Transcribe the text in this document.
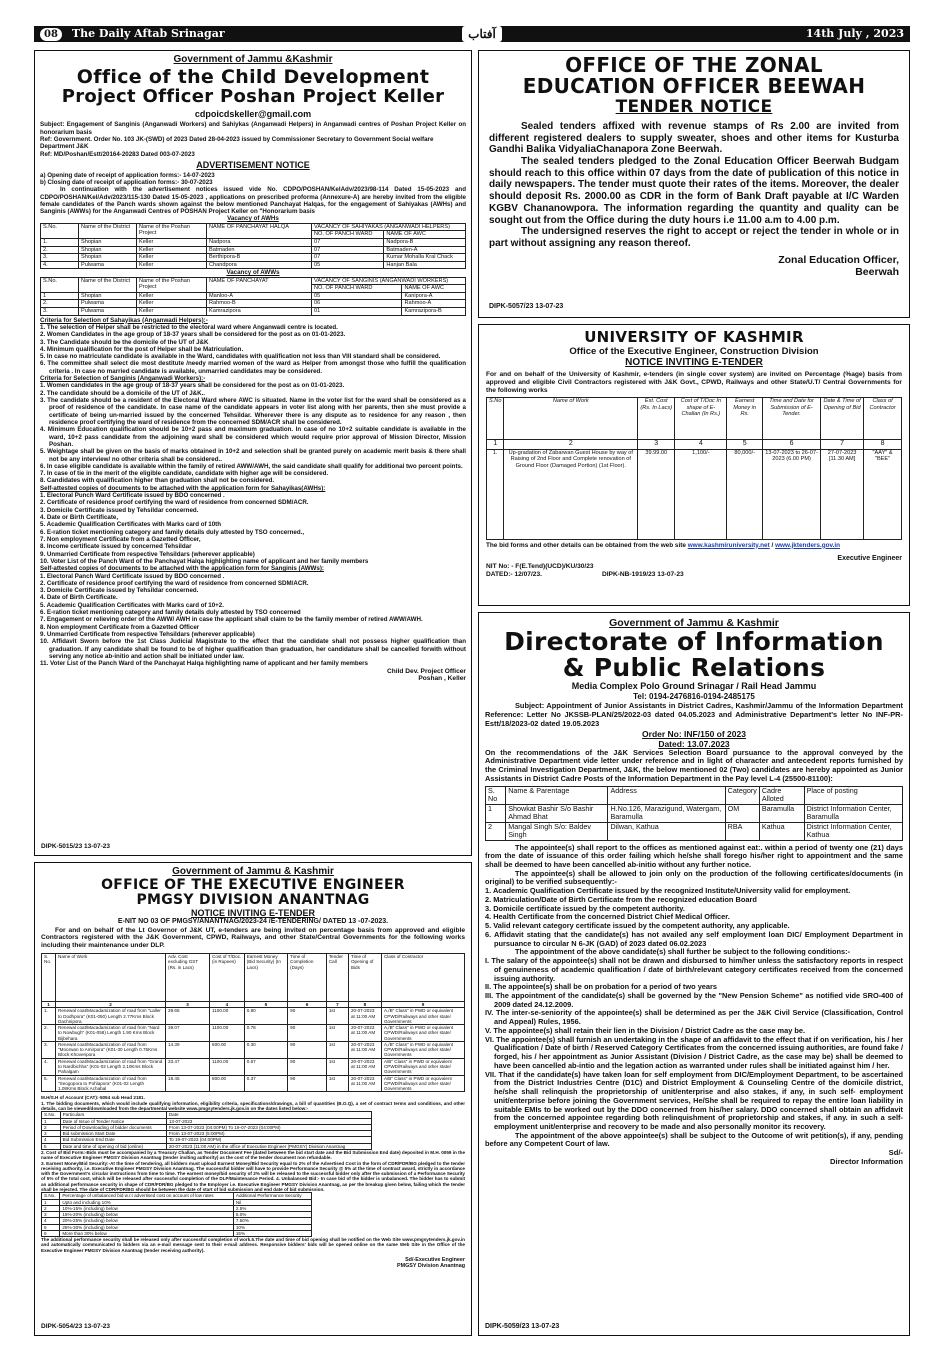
08	The Daily Aftab Srinagar	آفتاب	14th July , 2023
Government of Jammu &Kashmir
Office of the Child Development
Project Officer Poshan Project Keller
cdpoicdskeller@gmail.com

Subject: Engagement of Sanginis (Anganwadi Workers) and Sahiykas (Anganwadi Helpers) in Anganwadi centres of Poshan Project Keller on honorarium basis

Ref: Government. Order No. 103 JK-(SWD) of 2023 Dated 28-04-2023 issued by Commissioner Secretary to Government Social welfare Department J&K

Ref: MD/Poshan/Estt/20164-20283 Dated 003-07-2023

ADVERTISEMENT NOTICE

a) Opening date of receipt of application forms:- 14-07-2023

b) Closing date of receipt of application forms:- 30-07-2023

In continuation with the advertisement notices issued vide No. CDPO/POSHAN/KelAdv/2023/98-114 Dated 15-05-2023 and CDPO/POSHAN/Kel/Adv/2023/115-130 Dated 15-05-2023 , applications on prescribed proforma (Annexure-A) are hereby invited from the eligible female candidates of the Panch wards shown against the below mentioned Panchayat Halqas, for the engagement of Sahiyakas (AWHs) and Sanginis (AWWs) for the Anganwadi Centres of POSHAN Project Keller on "Honorarium basis

Vacancy of AWHs
S.No.	Name of the District	Name of the Poshan Project	NAME OF PANCHAYAT HALQA	VACANCY OF SAHIYAKAS (ANGANWADI HELPERS)	
				NO. OF PANCH WARD	NAME OF AWC
1.	Shopian	Keller	Nadpora	07	Nadpora-B
2.	Shopian	Keller	Batmaden	07	Batmaden-A
3.	Shopian	Keller	Berthipora-B	07	Kumar Mohalla Kral Chack
4.	Pulwama	Keller	Chandpora	05	Hanjan Bala
Vacancy of AWWs
S.No.	Name of the District	Name of the Poshan Project	NAME OF PANCHAYAT	VACANCY OF SANGINIS (ANGANWADI WORKERS)	
				NO. OF PANCH WARD	NAME OF AWC
1	Shopian	Keller	Manloo-A	05	Kanipora-A
2.	Pulwama	Keller	Rahmoo-B	06	Rahmoo-A
3.	Pulwama	Keller	Kamrazipora	01	Kamrazipora-B
Criteria for Selection of Sahayikas (Anganwadi Helpers):-
1. The selection of Helper shall be restricted to the electoral ward where Anganwadi centre is located.
2. Women Candidates in the age group of 18-37 years shall be considered for the post as on 01-01-2023.
3. The Candidate should be the domicile of the UT of J&K
4. Minimum qualification for the post of Helper shall be Matriculation.
5. In case no matriculate candidate is available in the Ward, candidates with qualification not less than VIII standard shall be considered.
6. The committee shall select die most destitute /needy married women of the ward as Helper from amongst those who fulfill the qualification criteria . In case no married candidate is available, unmarried candidates may be considered.
Criteria for Selection of Sanginis (Anganwadi Workers):-
1. Women candidates in the age group of 18-37 years shall be considered for the post as on 01-01-2023.
2. The candidate should be a domicile of the UT of J&K..
3. The candidate should be a resident of the Electoral Ward where AWC is situated. Name in the voter list for the ward shall be considered as a proof of residence of the candidate. In case name of the candidate appears in voter list along with her parents, then she must provide a certificate of being un-married issued by the concerned Tehsildar. Wherever there is any dispute as to residence for any reason , then residence proof certifying the ward of residence from the concerned SDM/ACR shall be considered.
4. Minimum Education qualification should be 10+2 pass and maximum graduation. In case of no 10+2 suitable candidate is available in the ward, 10+2 pass candidate from the adjoining ward shall be considered which would require prior approval of Mission Director, Mission Poshan.
5. Weightage shall be given on the basis of marks obtained in 10+2 and selection shall be granted purely on academic merit basis & there shall not be any interview/ no other criteria shall be considered..
6. In case eligible candidate is available within the family of retired AWW/AWH, the said candidate shall qualify for additional two percent points.
7. In case of tie in the merit of the eligible candidate, candidate with higher age will be considered.
8. Candidates with qualification higher than graduation shall not be considered.
Self-attested copies of documents to be attached with the application form for Sahayikas(AWHs):
1. Electoral Punch Ward Certificate issued by BDO concerned .
2. Certificate of residence proof certifying the ward of residence from concerned SDM/ACR.
3. Domicile Certificate issued by Tehsildar concerned.
4. Date or Birth Certificate,
5. Academic Qualification Certificates with Marks card of 10th
6. E-ration ticket mentioning category and family details duly attested by TSO concerned.,
7. Non employment Certificate from a Gazetted Officer,
8. Income certificate issued by concerned Tehsildar
9. Unmarried Certificate from respective Tehsildars (wherever applicable)
10. Voter List of the Panch Ward of the Panchayat Halqa highlighting name of applicant and her family members
Self-attested copies of documents to be attached with the application form for Sanginis (AWWs):
1. Electoral Panch Ward Certificate issued by BDO concerned .
2. Certificate of residence proof certifying the ward of residence from concerned SDM/ACR.
3. Domicile Certificate issued by Tehsildar concerned.
4. Date of Birth Certificate.
5. Academic Qualification Certificates with Marks card of 10+2.
6. E-ration ticket mentioning category and family details duly attested by TSO concerned
7. Engagement or relieving order of the AWW/ AWH in case the applicant shall claim to be the family member of retired AWW/AWH.
8. Non employment Certificate from a Gazetted Officer
9. Unmarried Certificate from respective Tehsildars (wherever applicable)
10. Affidavit Sworn before the 1st Class Judicial Magistrate to the effect that the candidate shall not possess higher qualification than graduation. If any candidate shall be found to be of higher qualification than graduation, her candidature shall be cancelled forwith without serving any notice ab-initio and action shall be initiated under law.
11. Voter List of the Panch Ward of the Panchayat Halqa highlighting name of applicant and her family members
Child Dev. Project Officer
Poshan , Keller
DIPK-5015/23 13-07-23
Government of Jammu & Kashmir
OFFICE OF THE EXECUTIVE ENGINEER
PMGSY DIVISION ANANTNAG
NOTICE INVITING E-TENDER
E-NIT NO 03 OF PMGSY/ANANTNAG/2023-24 /E-TENDERING/ DATED 13 -07-2023.

For and on behalf of the Lt Governor of J&K UT, e-tenders are being invited on percentage basis from approved and eligible Contractors registered with the J&K Government, CPWD, Railways, and other State/Central Governments for the following works including their maintenance under DLP.

S. No.	Name of Work	Adv. Cost excluding GST (Rs. in Lacs)	Cost of T/Doc. (in Rupees)	Earnest Money (Bid Security) (In Lacs)	Time of Completion (Days)	Tender Call	Time of Opening of Bids	Class of Contractor
1	2	3	4	5	6	7	8	9
1.	Renewal coat/Macadamization of road from "Laller to Dodhpora" (K01-050) Length 2.77Kms Block Dachnipora	39.65	1100.00	0.80	90	1st	20-07-2023 at 11:00 AM	A,/B" Class" in PWD or equivalent CPWD/Railways and other state/ Governments
2.	Renewal coat/Macadamization of road from "Nard to Nowbugh" (K01-058) Length 1.90 Kms Block Bijbehara	39.07	1100.00	0.78	90	1st	20-07-2023 at 11:00 AM	A,/B" Class" in PWD or equivalent CPWD/Railways and other state/ Governments
3.	Renewal coat/Macadamization of road from "Moorwan to Amirpora" (K01-30 Length 0.75Kms Block Khoveripora	14.39	600.00	0.30	90	1st	20-07-2023 at 11:00 AM	A,/B" Class" in PWD or equivalent CPWD/Railways and other state/ Governments
4.	Renewal coat/Macadamization of road from "Grand to Nardbichha" (K01-02 Length 2.10Kms Block Pahalgam	33.47	1100.00	0.67	90	1st	20-07-2023 at 11:00 AM	A/B" Class" in PWD or equivalent CPWD/Railways and other state/ Governments
5.	Renewal coat/Macadamization of road from "Seogopora to Pohlapora" (K01-02 Length 1.08Kms Block Achabal	18.45	800.00	0.37	90	1st	20-07-2023 at 11:00 AM	A/B" Class" in PWD or equivalent CPWD/Railways and other state/ Governments

M.H/S.H of Account (CAT):-5054 sub Head 2181.

1. The bidding documents, which would include qualifying information, eligibility criteria, specifications/drawings, a bill of quantities (B.O.Q), a set of contract terms and conditions, and other details, can be viewed/downloaded from the departmental website www.pmgsytenders.jk.gov.in on the dates listed below:-

S.No.	Particulars	Date
1	Date of Issue of Tender Notice	13-07-2023
2	Period of Downloading of bidder documents	From 13-07-2023 (04:00PM) To 19-07-2023 (04:00PM)
3	Bid submission Start Date	From 13-07-2023 (5:00PM)
4	Bid Submission End Date	To 19-07-2023 (04:00PM)
5	Date and time of opening of bid (online)	20-07-2023 (11:00 AM) in the office of Executive Engineer (PMGSY) Division Anantnag

2. Cost of Bid Form:-Bids must be accompanied by a Treasury Challan, as Tender Document Fee (dated between the bid start date and the Bid Submission End date) deposited in M.H. 0059 in the name of Executive Engineer PMGSY Division Anantnag (tender inviting authority) as the cost of the tender document non refundable.

3. Earnest Money/Bid Security:-At the time of tendering, all bidders must upload Earnest Money/Bid Security equal to 2% of the Advertised Cost in the form of CDR/FDR/BG pledged to the tender receiving authority, i.e. Executive Engineer PMGSY Division Anantnag. The successful bidder will have to provide Performance Security @ 5% at the time of contract award, strictly in accordance with the Government's circular instructions from time to time. The earnest money/bid security of 2% will be released to the successful bidder only after the submission of a Performance Security of 5% of the total cost, which will be released after successful completion of the DLP/Maintenance Period. 4. Unbalanced Bid:- In case bid of the bidder is unbalanced. The bidder has to submit an additional performance security in shape of CDR/FDR/BG pledged to the Employer i.e. Executive Engineer PMGSY Division Anantnag, as per the breakup given below, failing which the tender shall be rejected. The date of CDR/FDR/BG should be between the date of start of bid submission and end date of bid submission.

S.No.	Percentage of unbalanced bid w.r.t advertised cost on account of low rates	Additional Performance Security
1	Upto and including 10%	Nil
2	10%-15% (including) below	2.5%
3	15%-20% (including) below	5.0%
4	20%-25% (including) below	7.50%
5	25%-30% (including) below	10%
6	More than 30% below	15%

The additional performance security shall be released only after successful completion of work.5.The date and time of bid opening shall be notified on the Web Site www.pmgsytenders.jk.gov.in and automatically communicated to bidders via an e-mail message sent to their e-mail address. Responsive bidders' bids will be opened online on the same Web Site in the Office of the Executive Engineer PMGSY Division Anantnag (tender receiving authority).

Sd/-Executive Engineer
PMGSY Division Anantnag
DIPK-5054/23 13-07-23
OFFICE OF THE ZONAL
EDUCATION OFFICER BEEWAH
TENDER NOTICE

Sealed tenders affixed with revenue stamps of Rs 2.00 are invited from different registered dealers to supply sweater, shoes and other items for Kusturba Gandhi Balika VidyaliaChanapora Zone Beerwah.

The sealed tenders pledged to the Zonal Education Officer Beerwah Budgam should reach to this office within 07 days from the date of publication of this notice in daily newspapers. The tender must quote their rates of the items. Moreover, the dealer should deposit Rs. 2000.00 as CDR in the form of Bank Draft payable at I/C Warden KGBV Chananowpora. The information regarding the quantity and quality can be sought out from the Office during the duty hours i.e 11.00 a.m to 4.00 p.m.

The undersigned reserves the right to accept or reject the tender in whole or in part without assigning any reason thereof.

Zonal Education Officer,
Beerwah
DIPK-5057/23 13-07-23
UNIVERSITY OF KASHMIR
Office of the Executive Engineer, Construction Division
NOTICE INVITING E-TENDER

For and on behalf of the University of Kashmir, e-tenders (in single cover system) are invited on Percentage (%age) basis from approved and eligible Civil Contractors registered with J&K Govt., CPWD, Railways and other State/U.T/ Central Governments for the following works

S.No	Name of Work	Est. Cost (Rs. In Lacs)	Cost of T/Doc In shape of E-Challan (In Rs.)	Earnest Money in Rs.	Time and Date for Submission of E-Tender.	Date & Time of Opening of Bid	Class of Contractor
1	2	3	4	5	6	7	8
1.	Up-gradation of Zabarwan Guest House by way of Raising of 2nd Floor and Complete renovation of Ground Floor (Damaged Portion) (1st Floor).	39.99.00	1,100/-	80,000/-	13-07-2023 to 26-07-2023 (6.00 PM)	27-07-2023 [11.30 AM]	"AAY" & "BEE"

The bid forms and other details can be obtained from the web site www.kashmiruniversity.net / www.jktenders.gov.in

Executive Engineer
NIT No: - F(E.Tend)(UCD)/KU/30/23
DATED:- 12/07/23.	DIPK-NB-1919/23 13-07-23
Government of Jammu & Kashmir
Directorate of Information
& Public Relations
Media Complex Polo Ground Srinagar / Rail Head Jammu
Tel: 0194-2476816-0194-2485175

Subject: Appointment of Junior Assistants in District Cadres, Kashmir/Jammu of the Information Department Reference: Letter No JKSSB-PLAN/25/2022-03 dated 04.05.2023 and Administrative Department's letter No INF-PR-Estt/18/2023-02 dated 19.05.2023

Order No: INF/150 of 2023
Dated: 13.07.2023

On the recommendations of the J&K Services Selection Board pursuance to the approval conveyed by the Administrative Department vide letter under reference and in light of character and antecedent reports furnished by the Criminal Investigation Department, J&K, the below mentioned 02 (Two) candidates are hereby appointed as Junior Assistants in District Cadre Posts of the Information Department in the Pay level L-4 (25500-81100):

S. No	Name & Parentage	Address	Category	Cadre Alloted	Place of posting
1	Showkat Bashir S/o Bashir Ahmad Bhat	H.No.126, Marazigund, Watergam, Baramulla	OM	Baramulla	District Information Center, Baramulla
2	Mangal Singh S/o: Baldev Singh	Dilwan, Kathua	RBA	Kathua	District Information Center, Kathua

The appointee(s) shall report to the offices as mentioned against eat:. within a period of twenty one (21) days from the date of issuance of this order failing which he/she shall forego his/her right to appointment and the same shall be deemed to have been cancelled ab-initio without any further notice.

The appointee(s) shall be allowed to join only on the production of the following certificates/documents (in original) to be verified subsequently:-

1. Academic Qualification Certificate issued by the recognized Institute/University valid for employment.
2. Matriculation/Date of Birth Certificate from the recognized education Board
3. Domicile certificate issued by the competent authority.
4. Health Certificate from the concerned District Chief Medical Officer.
5. Valid relevant category certificate issued by the competent authority, any applicable.
6. Affidavit stating that the candidate(s) has not availed any self employment loan DIC/ Employment Department in pursuance to circular N 6-JK (GAD) of 2023 dated 06.02.2023

The appointment of the above candidate(s) shall further be subject to the following conditions:-

I. The salary of the appointee(s) shall not be drawn and disbursed to him/her unless the satisfactory reports in respect of genuineness of academic qualification / date of birth/relevant category certificates received from the concerned issuing authority.
II. The appointee(s) shall be on probation for a period of two years
III. The appointment of the candidate(s) shall be governed by the "New Pension Scheme" as notified vide SRO-400 of 2009 dated 24.12.2009.
IV. The inter-se-seniority of the appointee(s) shall be determined as per the J&K Civil Service (Classification, Control and Appeal) Rules, 1956.
V. The appointee(s) shall retain their lien in the Division / District Cadre as the case may be.
VI. The appointee(s) shall furnish an undertaking in the shape of an affidavit to the effect that if on verification, his / her Qualification / Date of birth / Reserved Category Certificates from the concerned issuing authorities, are found fake / forged, his / her appointment as Junior Assistant (Division / District Cadre, as the case may be) shall be deemed to have been cancelled ab-intio and the legation action as warranted under rules shall be initiated against him / her.
VII. That if the candidate(s) have taken loan for self employment from DIC/Employment Department, to be ascertained from the District Industries Centre (D1C) and District Employment & Counseling Centre of the domicile district, he/she shall relinquish the proprietorship of unit/enterprise and also stakes, if any, in such self- employment unit/enterprise before joining the Government services, He/She shall be required to repay the entire loan liability in suitable EMIs to be worked out by the DDO concerned from his/her salary. DDO concerned shall obtain an affidavit from the concerned appointee regarding both relinquishment of proprietorship and stakes, if any. in such a self-employment unit/enterprise and recovery to be made and also personally monitor its recovery.

The appointment of the above appointee(s) shall be subject to the Outcome of writ petition(s), if any, pending before any Competent Court of law.

Sd/-
Director Information
DIPK-5059/23 13-07-23
